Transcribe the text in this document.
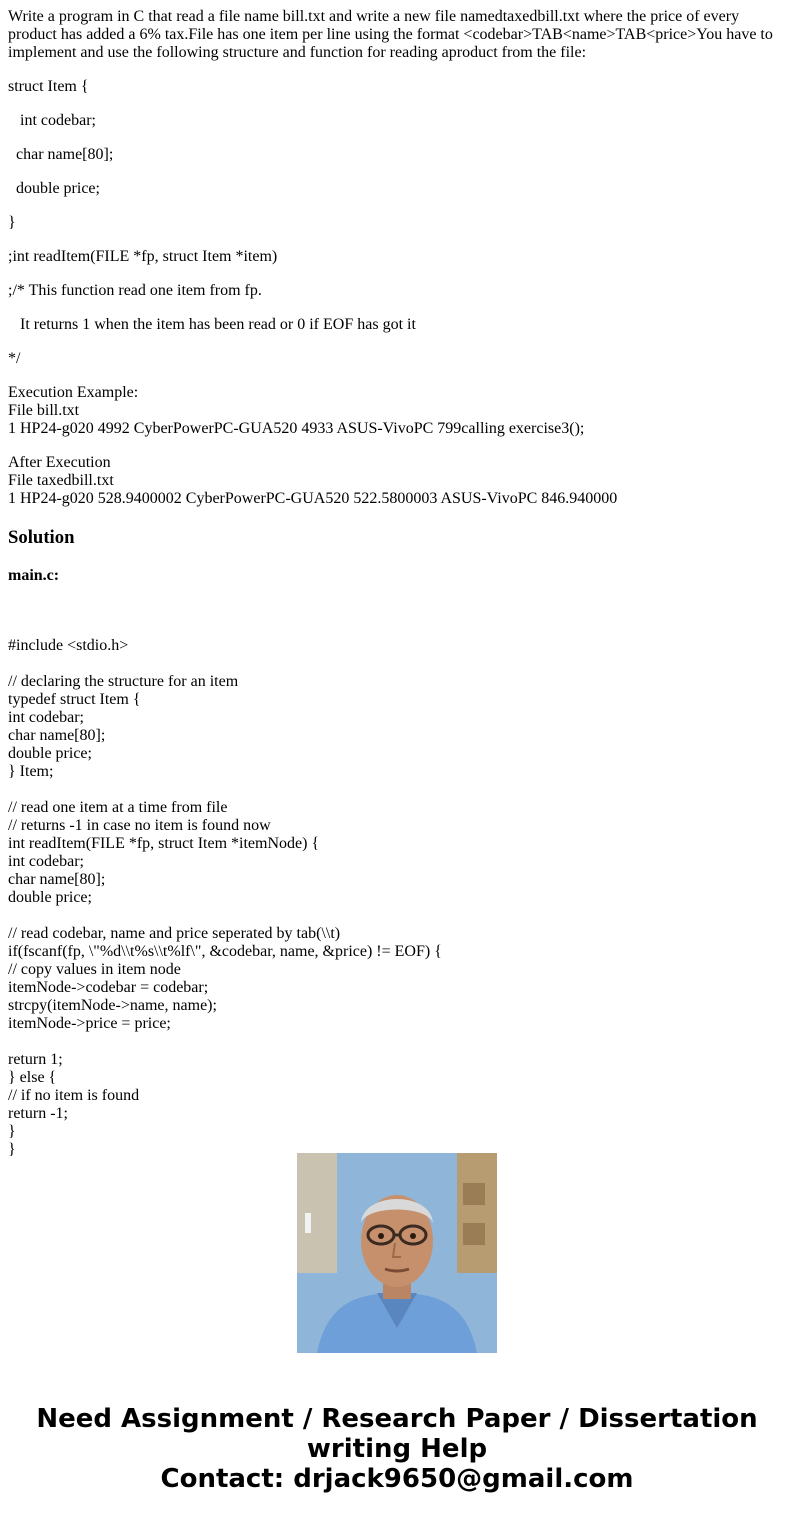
Write a program in C that read a file name bill.txt and write a new file namedtaxedbill.txt where the price of every product has added a 6% tax.File has one item per line using the format <codebar>TAB<name>TAB<price>You have to implement and use the following structure and function for reading aproduct from the file:
struct Item {
int codebar;
char name[80];
double price;
}
;int readItem(FILE *fp, struct Item *item)
;/* This function read one item from fp.
It returns 1 when the item has been read or 0 if EOF has got it
*/
Execution Example:
File bill.txt
1 HP24-g020 4992 CyberPowerPC-GUA520 4933 ASUS-VivoPC 799calling exercise3();
After Execution
File taxedbill.txt
1 HP24-g020 528.9400002 CyberPowerPC-GUA520 522.5800003 ASUS-VivoPC 846.940000
Solution
main.c:
#include <stdio.h>
// declaring the structure for an item
typedef struct Item {
int codebar;
char name[80];
double price;
} Item;
// read one item at a time from file
// returns -1 in case no item is found now
int readItem(FILE *fp, struct Item *itemNode) {
int codebar;
char name[80];
double price;
// read codebar, name and price seperated by tab(\\t)
if(fscanf(fp, \"%d\\t%s\\t%lf\", &codebar, name, &price) != EOF) {
// copy values in item node
itemNode->codebar = codebar;
strcpy(itemNode->name, name);
itemNode->price = price;
return 1;
} else {
// if no item is found
return -1;
}
}
Need Assignment / Research Paper / Dissertation
writing Help
Contact: drjack9650@gmail.com
